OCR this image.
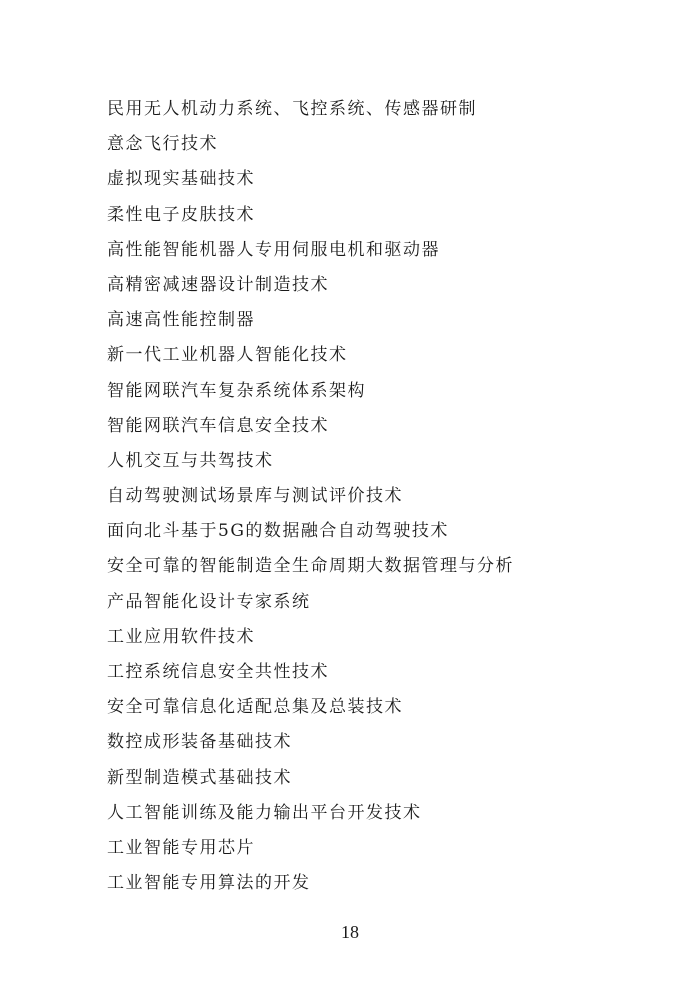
民用无人机动力系统、飞控系统、传感器研制
意念飞行技术
虚拟现实基础技术
柔性电子皮肤技术
高性能智能机器人专用伺服电机和驱动器
高精密减速器设计制造技术
高速高性能控制器
新一代工业机器人智能化技术
智能网联汽车复杂系统体系架构
智能网联汽车信息安全技术
人机交互与共驾技术
自动驾驶测试场景库与测试评价技术
面向北斗基于5G的数据融合自动驾驶技术
安全可靠的智能制造全生命周期大数据管理与分析
产品智能化设计专家系统
工业应用软件技术
工控系统信息安全共性技术
安全可靠信息化适配总集及总装技术
数控成形装备基础技术
新型制造模式基础技术
人工智能训练及能力输出平台开发技术
工业智能专用芯片
工业智能专用算法的开发
18
